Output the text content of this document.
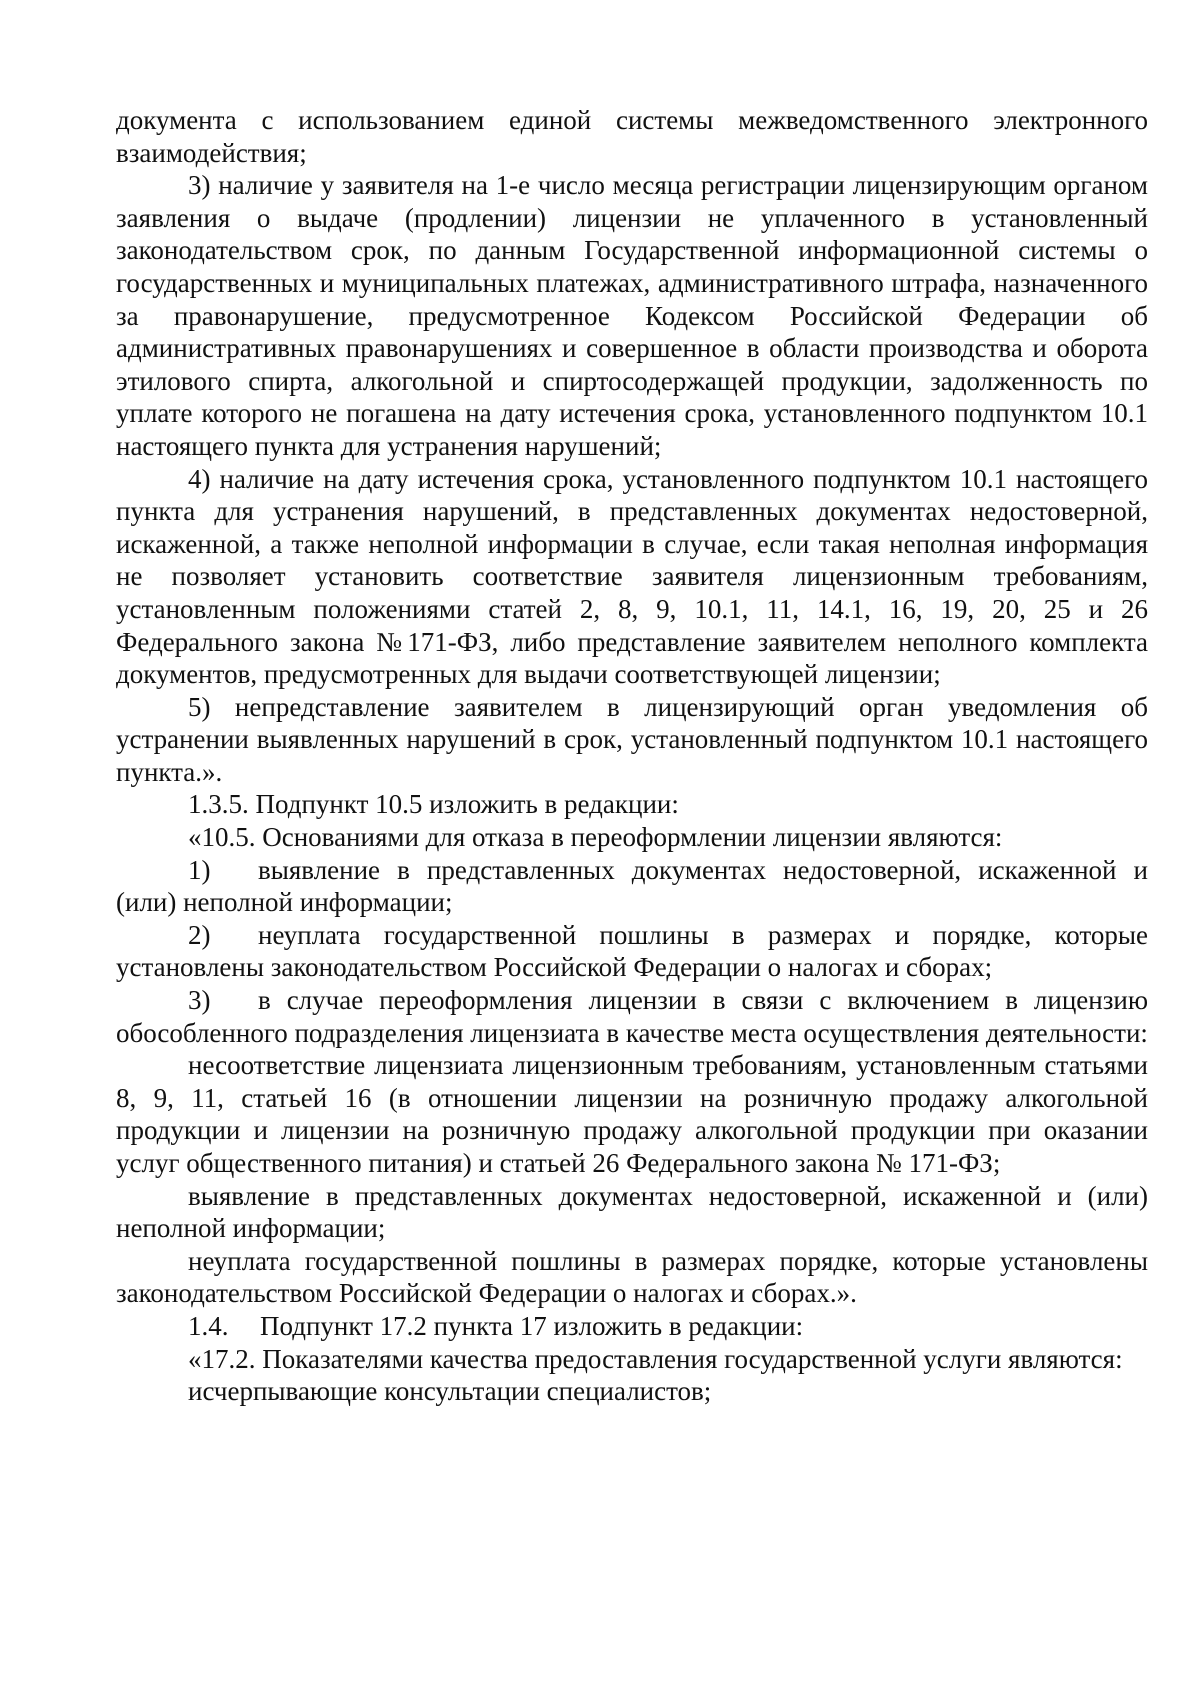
документа с использованием единой системы межведомственного электронного взаимодействия;

3) наличие у заявителя на 1-е число месяца регистрации лицензирующим органом заявления о выдаче (продлении) лицензии не уплаченного в установленный законодательством срок, по данным Государственной информационной системы о государственных и муниципальных платежах, административного штрафа, назначенного за правонарушение, предусмотренное Кодексом Российской Федерации об административных правонарушениях и совершенное в области производства и оборота этилового спирта, алкогольной и спиртосодержащей продукции, задолженность по уплате которого не погашена на дату истечения срока, установленного подпунктом 10.1 настоящего пункта для устранения нарушений;

4) наличие на дату истечения срока, установленного подпунктом 10.1 настоящего пункта для устранения нарушений, в представленных документах недостоверной, искаженной, а также неполной информации в случае, если такая неполная информация не позволяет установить соответствие заявителя лицензионным требованиям, установленным положениями статей 2, 8, 9, 10.1, 11, 14.1, 16, 19, 20, 25 и 26 Федерального закона №171-ФЗ, либо представление заявителем неполного комплекта документов, предусмотренных для выдачи соответствующей лицензии;

5) непредставление заявителем в лицензирующий орган уведомления об устранении выявленных нарушений в срок, установленный подпунктом 10.1 настоящего пункта.».

1.3.5. Подпункт 10.5 изложить в редакции:

«10.5. Основаниями для отказа в переоформлении лицензии являются:

1) выявление в представленных документах недостоверной, искаженной и (или) неполной информации;

2) неуплата государственной пошлины в размерах и порядке, которые установлены законодательством Российской Федерации о налогах и сборах;

3) в случае переоформления лицензии в связи с включением в лицензию обособленного подразделения лицензиата в качестве места осуществления деятельности:

несоответствие лицензиата лицензионным требованиям, установленным статьями 8, 9, 11, статьей 16 (в отношении лицензии на розничную продажу алкогольной продукции и лицензии на розничную продажу алкогольной продукции при оказании услуг общественного питания) и статьей 26 Федерального закона № 171-ФЗ;

выявление в представленных документах недостоверной, искаженной и (или) неполной информации;

неуплата государственной пошлины в размерах порядке, которые установлены законодательством Российской Федерации о налогах и сборах.».

1.4. Подпункт 17.2 пункта 17 изложить в редакции:

«17.2. Показателями качества предоставления государственной услуги являются:

исчерпывающие консультации специалистов;
